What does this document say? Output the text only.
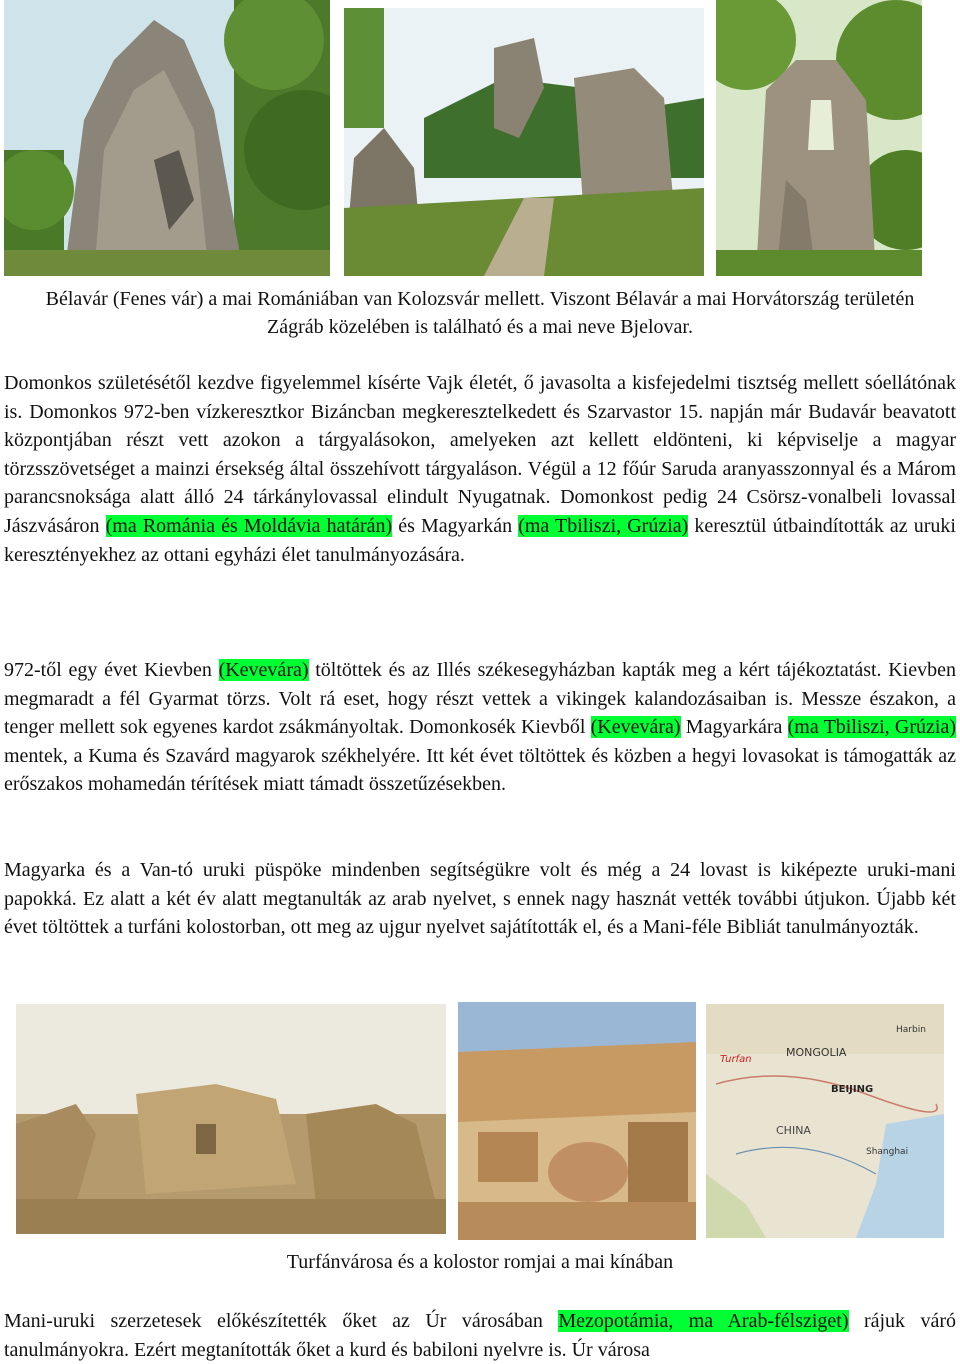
Bélavár (Fenes vár) a mai Romániában van Kolozsvár mellett. Viszont Bélavár a mai Horvátország területén Zágráb közelében is található és a mai neve Bjelovar.

Domonkos születésétől kezdve figyelemmel kísérte Vajk életét, ő javasolta a kisfejedelmi tisztség mellett sóellátónak is. Domonkos 972-ben vízkeresztkor Bizáncban megkeresztelkedett és Szarvastor 15. napján már Budavár beavatott központjában részt vett azokon a tárgyalásokon, amelyeken azt kellett eldönteni, ki képviselje a magyar törzsszövetséget a mainzi érsekség által összehívott tárgyaláson. Végül a 12 főúr Saruda aranyasszonnyal és a Márom parancsnoksága alatt álló 24 tárkánylovassal elindult Nyugatnak. Domonkost pedig 24 Csörsz-vonalbeli lovassal Jászvásáron (ma Románia és Moldávia határán) és Magyarkán (ma Tbiliszi, Grúzia) keresztül útbaindították az uruki keresztényekhez az ottani egyházi élet tanulmányozására.

972-től egy évet Kievben (Kevevára) töltöttek és az Illés székesegyházban kapták meg a kért tájékoztatást. Kievben megmaradt a fél Gyarmat törzs. Volt rá eset, hogy részt vettek a vikingek kalandozásaiban is. Messze északon, a tenger mellett sok egyenes kardot zsákmányoltak. Domonkosék Kievből (Kevevára) Magyarkára (ma Tbiliszi, Grúzia) mentek, a Kuma és Szavárd magyarok székhelyére. Itt két évet töltöttek és közben a hegyi lovasokat is támogatták az erőszakos mohamedán térítések miatt támadt összetűzésekben.

Magyarka és a Van-tó uruki püspöke mindenben segítségükre volt és még a 24 lovast is kiképezte uruki-mani papokká. Ez alatt a két év alatt megtanulták az arab nyelvet, s ennek nagy hasznát vették további útjukon. Újabb két évet töltöttek a turfáni kolostorban, ott meg az ujgur nyelvet sajátították el, és a Mani-féle Bibliát tanulmányozták.

MONGOLIA
BEIJING
Turfan
Harbin
CHINA
Shanghai
Turfánvárosa és a kolostor romjai a mai kínában

Mani-uruki szerzetesek előkészítették őket az Úr városában Mezopotámia, ma Arab-félsziget) rájuk váró tanulmányokra. Ezért megtanították őket a kurd és babiloni nyelvre is. Úr városa
